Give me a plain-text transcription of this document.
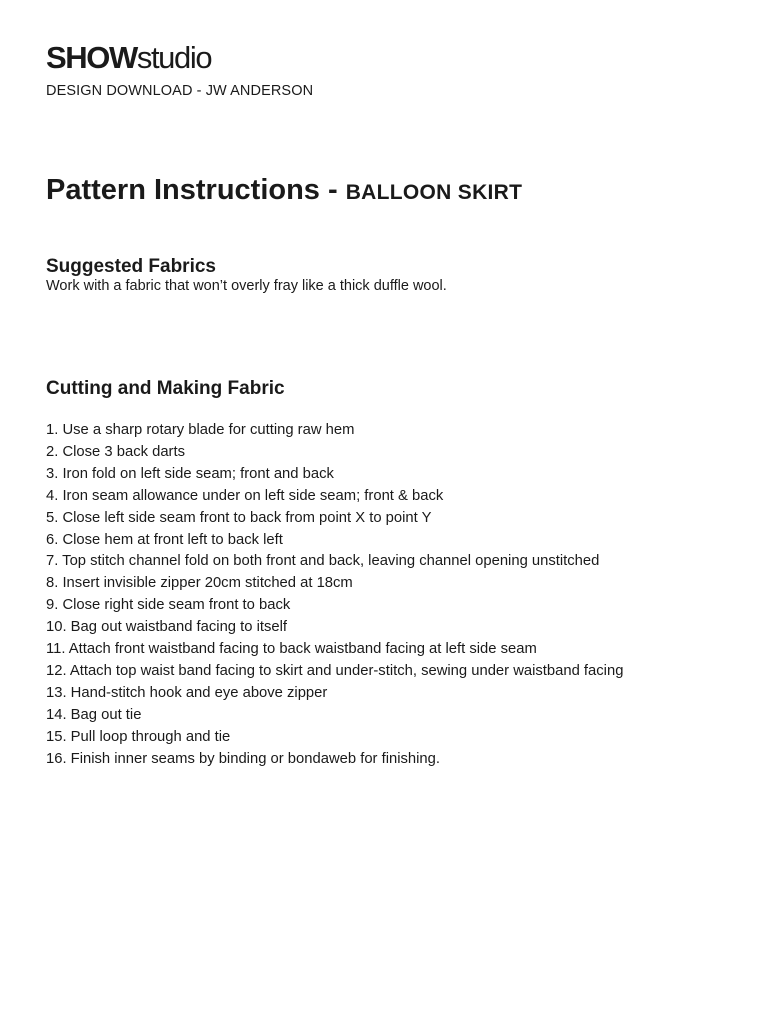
SHOWstudio
DESIGN DOWNLOAD - JW ANDERSON
Pattern Instructions - BALLOON SKIRT
Suggested Fabrics
Work with a fabric that won’t overly fray like a thick duffle wool.
Cutting and Making Fabric
1. Use a sharp rotary blade for cutting raw hem
2. Close 3 back darts
3. Iron fold on left side seam; front and back
4. Iron seam allowance under on left side seam; front & back
5. Close left side seam front to back from point X to point Y
6. Close hem at front left to back left
7. Top stitch channel fold on both front and back, leaving channel opening unstitched
8. Insert invisible zipper 20cm stitched at 18cm
9. Close right side seam front to back
10. Bag out waistband facing to itself
11. Attach front waistband facing to back waistband facing at left side seam
12. Attach top waist band facing to skirt and under-stitch, sewing under waistband facing
13. Hand-stitch hook and eye above zipper
14. Bag out tie
15. Pull loop through and tie
16. Finish inner seams by binding or bondaweb for finishing.
